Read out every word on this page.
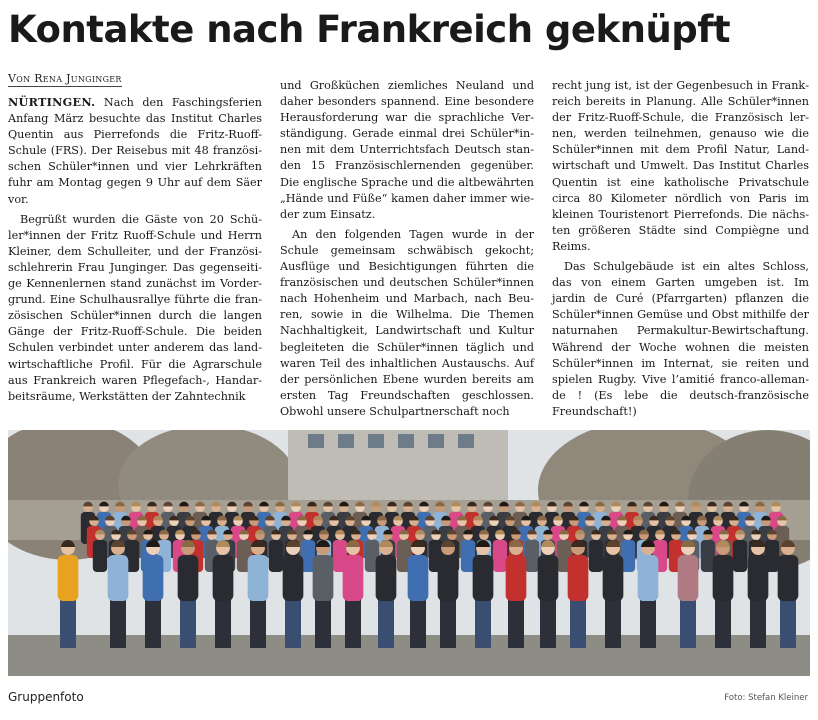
Kontakte nach Frankreich geknüpft
Von Rena Junginger

NÜRTINGEN. Nach den Faschingsferien Anfang März besuchte das Institut Charles Quentin aus Pierrefonds die Fritz-Ruoff-Schule (FRS). Der Reisebus mit 48 französischen Schüler*innen und vier Lehrkräften fuhr am Montag gegen 9 Uhr auf dem Säer vor.

Begrüßt wurden die Gäste von 20 Schüler*innen der Fritz Ruoff-Schule und Herrn Kleiner, dem Schulleiter, und der Französischlehrerin Frau Junginger. Das gegenseitige Kennenlernen stand zunächst im Vordergrund. Eine Schulhausrallye führte die französischen Schüler*innen durch die langen Gänge der Fritz-Ruoff-Schule. Die beiden Schulen verbindet unter anderem das landwirtschaftliche Profil. Für die Agrarschule aus Frankreich waren Pflegefach-, Handarbeitsräume, Werkstätten der Zahntechnik

und Großküchen ziemliches Neuland und daher besonders spannend. Eine besondere Herausforderung war die sprachliche Verständigung. Gerade einmal drei Schüler*innen mit dem Unterrichtsfach Deutsch standen 15 Französischlernenden gegenüber. Die englische Sprache und die altbewährten „Hände und Füße“ kamen daher immer wieder zum Einsatz.

An den folgenden Tagen wurde in der Schule gemeinsam schwäbisch gekocht; Ausflüge und Besichtigungen führten die französischen und deutschen Schüler*innen nach Hohenheim und Marbach, nach Beuren, sowie in die Wilhelma. Die Themen Nachhaltigkeit, Landwirtschaft und Kultur begleiteten die Schüler*innen täglich und waren Teil des inhaltlichen Austauschs. Auf der persönlichen Ebene wurden bereits am ersten Tag Freundschaften geschlossen. Obwohl unsere Schulpartnerschaft noch

recht jung ist, ist der Gegenbesuch in Frankreich bereits in Planung. Alle Schüler*innen der Fritz-Ruoff-Schule, die Französisch lernen, werden teilnehmen, genauso wie die Schüler*innen mit dem Profil Natur, Landwirtschaft und Umwelt. Das Institut Charles Quentin ist eine katholische Privatschule circa 80 Kilometer nördlich von Paris im kleinen Touristenort Pierrefonds. Die nächsten größeren Städte sind Compiègne und Reims.

Das Schulgebäude ist ein altes Schloss, das von einem Garten umgeben ist. Im jardin de Curé (Pfarrgarten) pflanzen die Schüler*innen Gemüse und Obst mithilfe der naturnahen Permakultur-Bewirtschaftung. Während der Woche wohnen die meisten Schüler*innen im Internat, sie reiten und spielen Rugby. Vive l’amitié franco-allemande ! (Es lebe die deutsch-französische Freundschaft!)

Gruppenfoto	Foto: Stefan Kleiner
